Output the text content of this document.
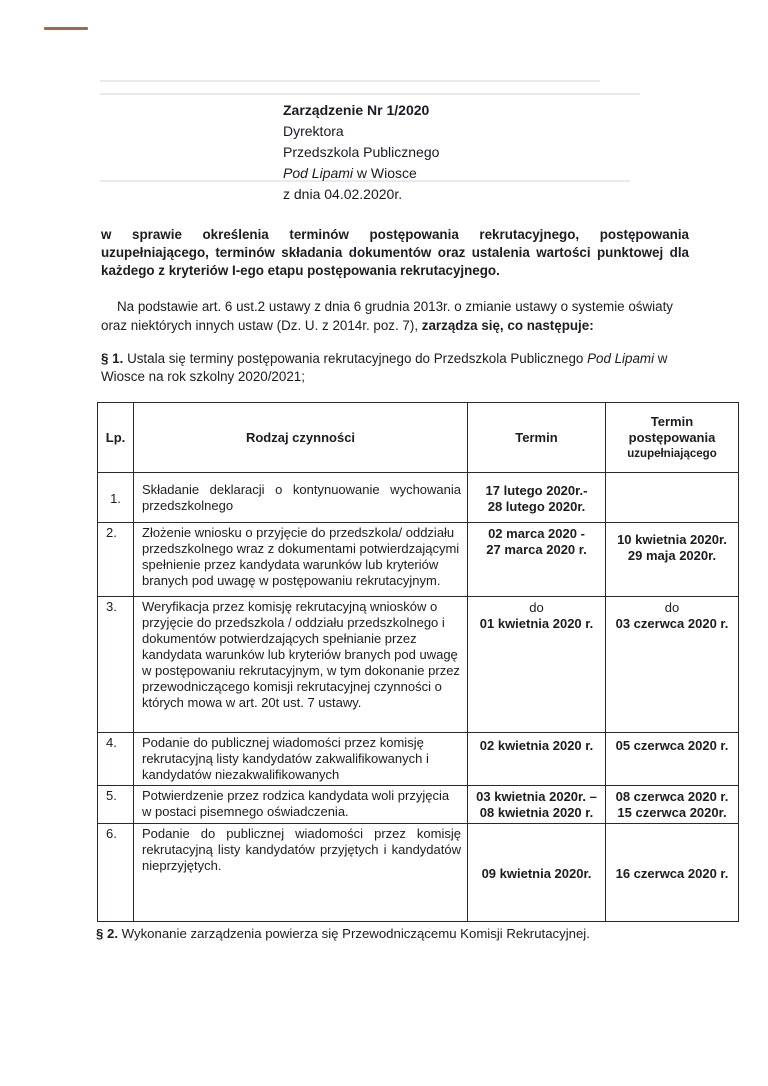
Zarządzenie Nr 1/2020
Dyrektora
Przedszkola Publicznego
Pod Lipami w Wiosce
z dnia 04.02.2020r.
w sprawie określenia terminów postępowania rekrutacyjnego, postępowania uzupełniającego, terminów składania dokumentów oraz ustalenia wartości punktowej dla każdego z kryteriów I-ego etapu postępowania rekrutacyjnego.
Na podstawie art. 6 ust.2 ustawy z dnia 6 grudnia 2013r. o zmianie ustawy o systemie oświaty oraz niektórych innych ustaw (Dz. U. z 2014r. poz. 7), zarządza się, co następuje:
§ 1. Ustala się terminy postępowania rekrutacyjnego do Przedszkola Publicznego Pod Lipami w Wiosce na rok szkolny 2020/2021;
Lp.	Rodzaj czynności	Termin	Termin
postępowania
uzupełniającego

1.	Składanie deklaracji o kontynuowanie wychowania przedszkolnego	17 lutego 2020r.-
28 lutego 2020r.	

2.	Złożenie wniosku o przyjęcie do przedszkola/ oddziału przedszkolnego wraz z dokumentami potwierdzającymi spełnienie przez kandydata warunków lub kryteriów branych pod uwagę w postępowaniu rekrutacyjnym.	02 marca 2020 -
27 marca 2020 r.	10 kwietnia 2020r.
29 maja 2020r.

3.	Weryfikacja przez komisję rekrutacyjną wniosków o przyjęcie do przedszkola / oddziału przedszkolnego i dokumentów potwierdzających spełnianie przez kandydata warunków lub kryteriów branych pod uwagę w postępowaniu rekrutacyjnym, w tym dokonanie przez przewodniczącego komisji rekrutacyjnej czynności o których mowa w art. 20t ust. 7 ustawy.	do
01 kwietnia 2020 r.	do
03 czerwca 2020 r.

4.	Podanie do publicznej wiadomości przez komisję rekrutacyjną listy kandydatów zakwalifikowanych i kandydatów niezakwalifikowanych	02 kwietnia 2020 r.	05 czerwca 2020 r.

5.	Potwierdzenie przez rodzica kandydata woli przyjęcia w postaci pisemnego oświadczenia.	03 kwietnia 2020r. –
08 kwietnia 2020 r.	08 czerwca 2020 r.
15 czerwca 2020r.

6.	Podanie do publicznej wiadomości przez komisję rekrutacyjną listy kandydatów przyjętych i kandydatów nieprzyjętych.	09 kwietnia 2020r.	16 czerwca 2020 r.
§ 2. Wykonanie zarządzenia powierza się Przewodniczącemu Komisji Rekrutacyjnej.
